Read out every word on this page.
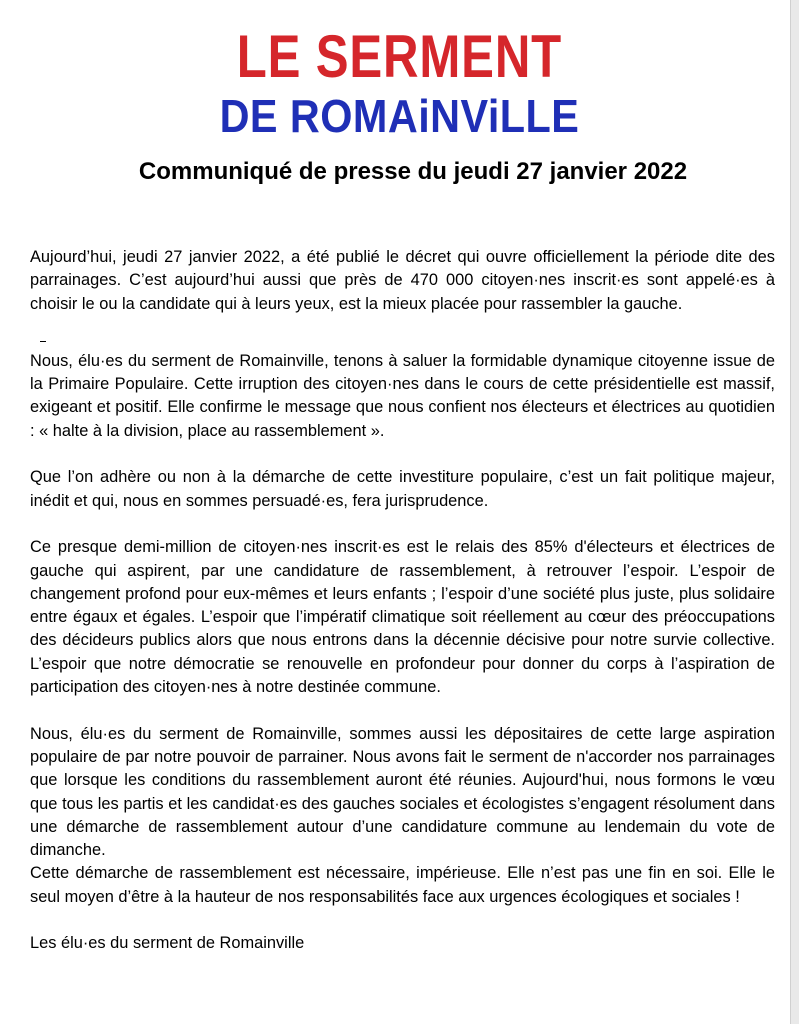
LE SERMENT
DE ROMAiNViLLE
Communiqué de presse du jeudi 27 janvier 2022

Aujourd’hui, jeudi 27 janvier 2022, a été publié le décret qui ouvre officiellement la période dite des parrainages. C’est aujourd’hui aussi que près de 470 000 citoyen·nes inscrit·es sont appelé·es à choisir le ou la candidate qui à leurs yeux, est la mieux placée pour rassembler la gauche.

Nous, élu·es du serment de Romainville, tenons à saluer la formidable dynamique citoyenne issue de la Primaire Populaire. Cette irruption des citoyen·nes dans le cours de cette présidentielle est massif, exigeant et positif. Elle confirme le message que nous confient nos électeurs et électrices au quotidien : « halte à la division, place au rassemblement ».

Que l’on adhère ou non à la démarche de cette investiture populaire, c’est un fait politique majeur, inédit et qui, nous en sommes persuadé·es, fera jurisprudence.

Ce presque demi-million de citoyen·nes inscrit·es est le relais des 85% d'électeurs et électrices de gauche qui aspirent, par une candidature de rassemblement, à retrouver l’espoir. L’espoir de changement profond pour eux-mêmes et leurs enfants ; l’espoir d’une société plus juste, plus solidaire entre égaux et égales. L’espoir que l’impératif climatique soit réellement au cœur des préoccupations des décideurs publics alors que nous entrons dans la décennie décisive pour notre survie collective. L’espoir que notre démocratie se renouvelle en profondeur pour donner du corps à l’aspiration de participation des citoyen·nes à notre destinée commune.

Nous, élu·es du serment de Romainville, sommes aussi les dépositaires de cette large aspiration populaire de par notre pouvoir de parrainer. Nous avons fait le serment de n'accorder nos parrainages que lorsque les conditions du rassemblement auront été réunies. Aujourd'hui, nous formons le vœu que tous les partis et les candidat·es des gauches sociales et écologistes s’engagent résolument dans une démarche de rassemblement autour d’une candidature commune au lendemain du vote de dimanche.

Cette démarche de rassemblement est nécessaire, impérieuse. Elle n’est pas une fin en soi. Elle le seul moyen d’être à la hauteur de nos responsabilités face aux urgences écologiques et sociales !

Les élu·es du serment de Romainville
